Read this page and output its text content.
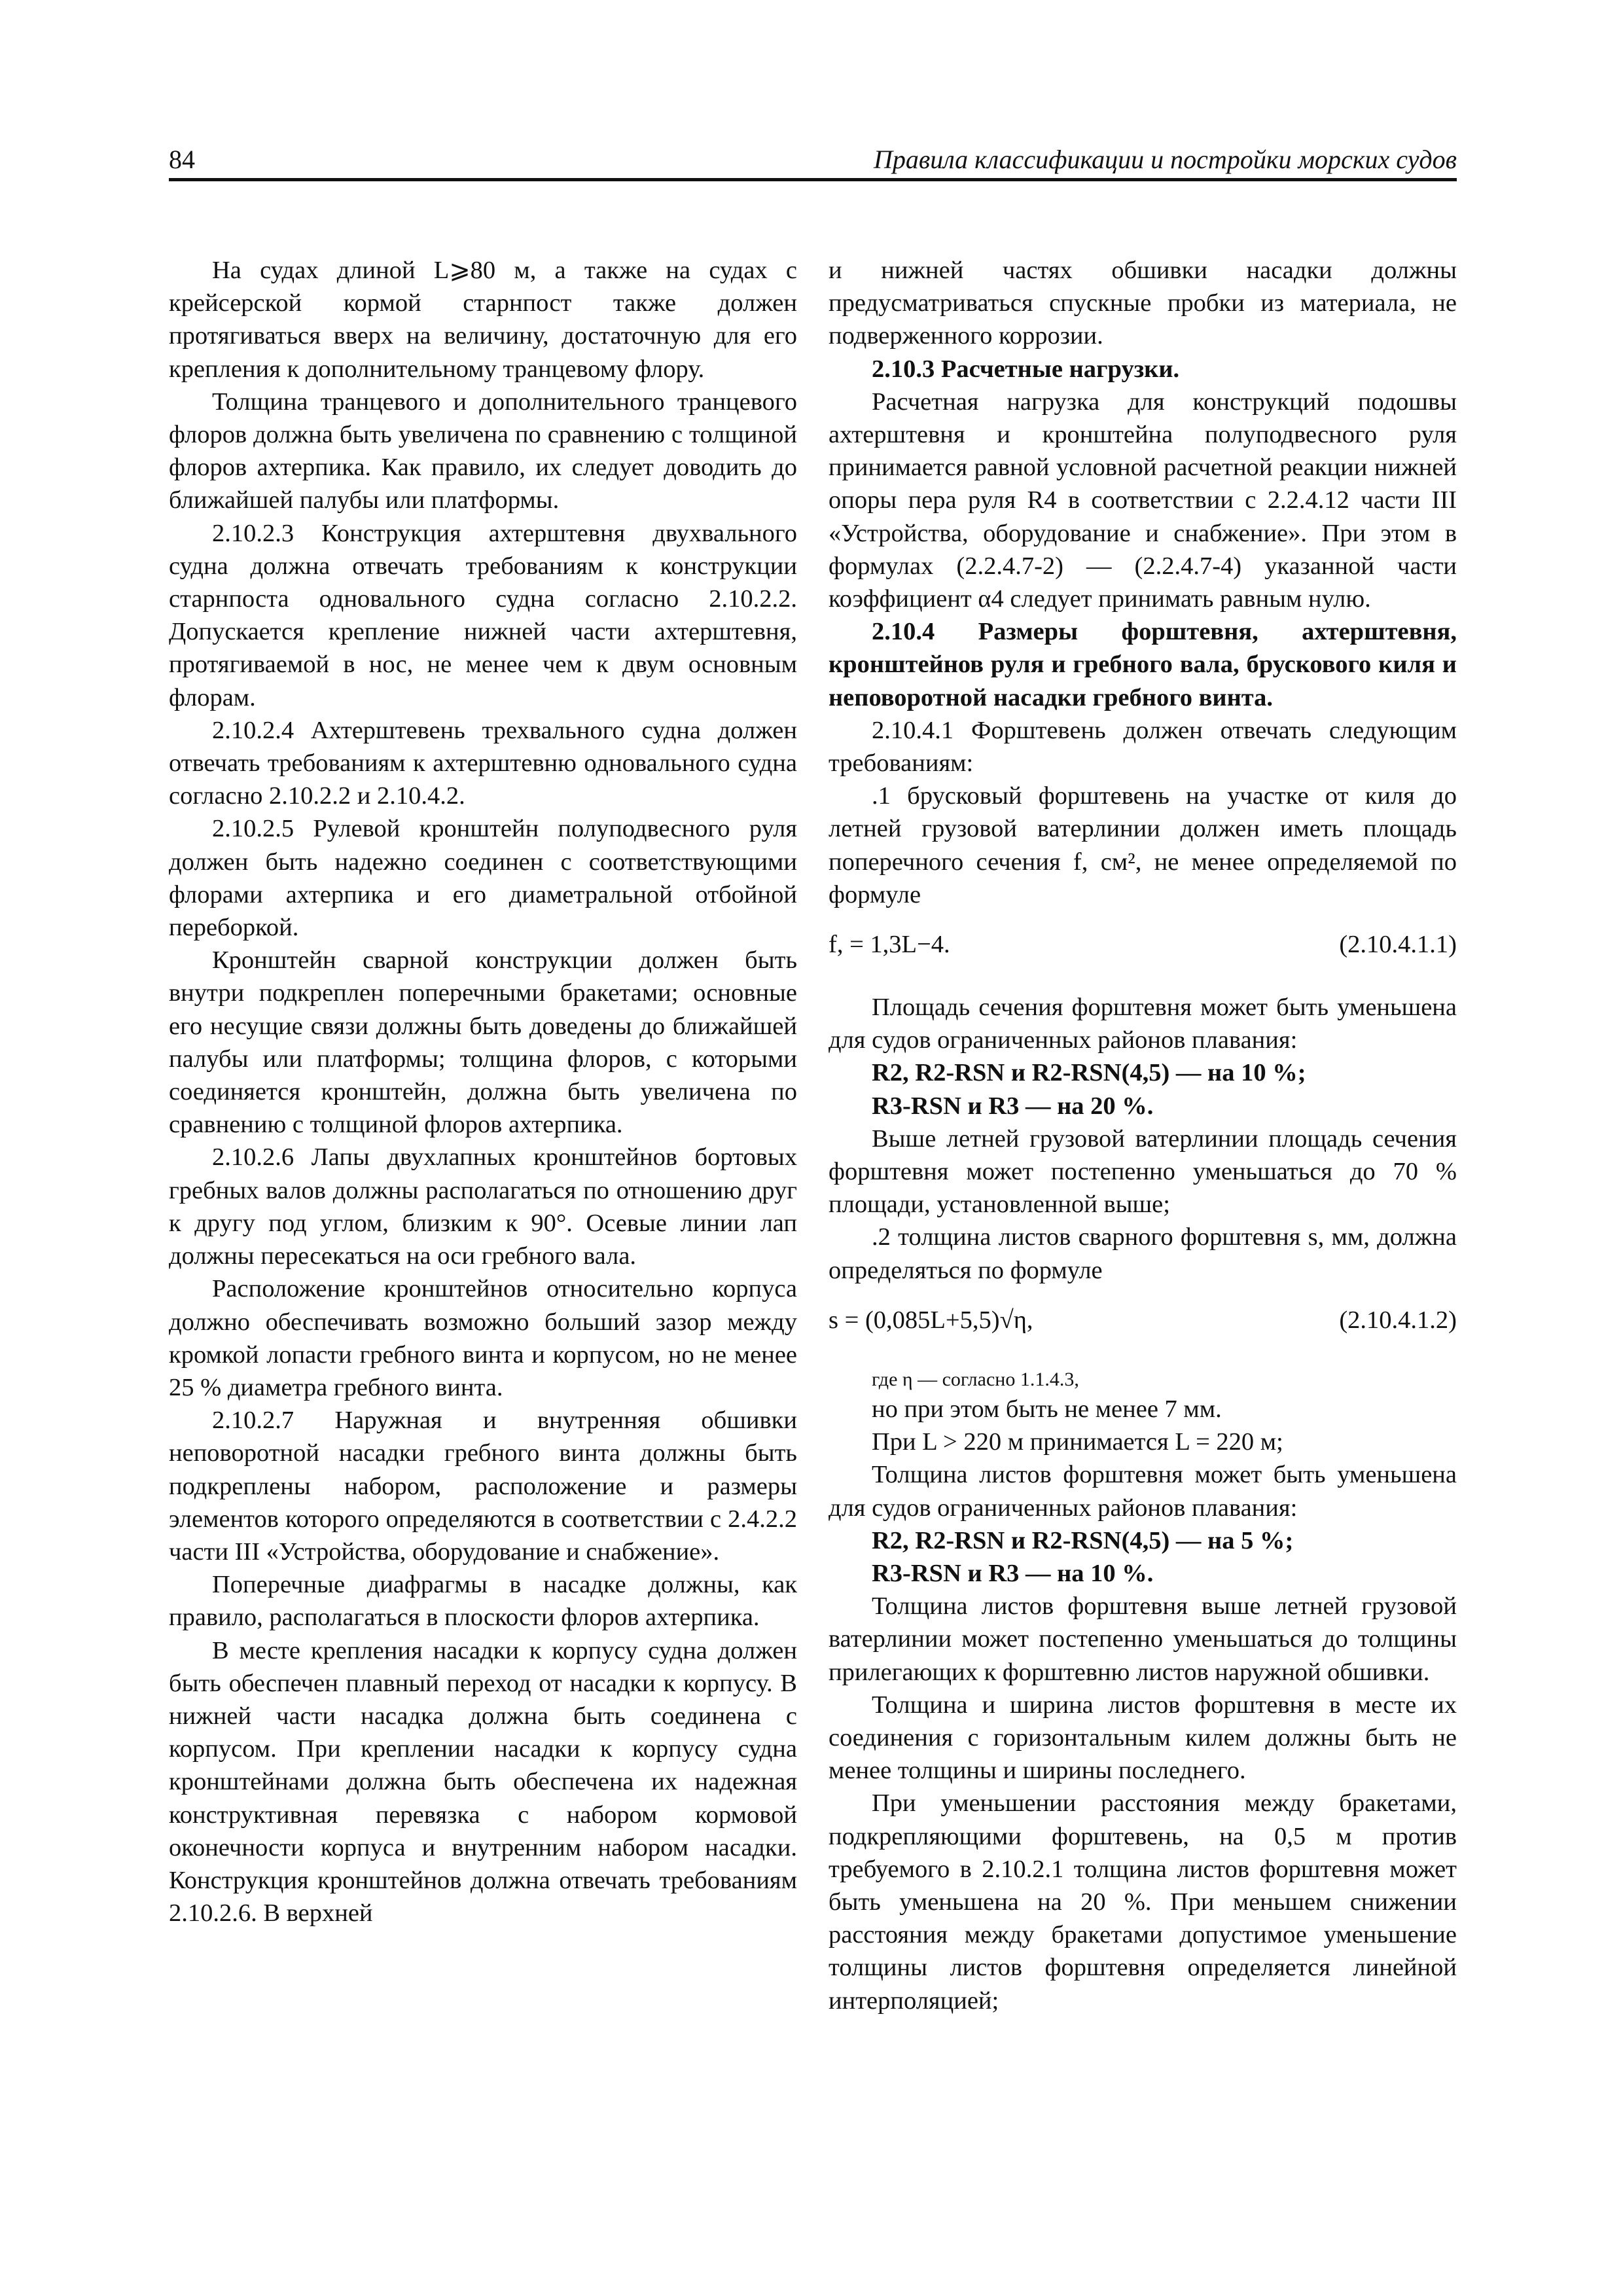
84	Правила классификации и постройки морских судов

На судах длиной L⩾80 м, а также на судах с крейсерской кормой старнпост также должен протягиваться вверх на величину, достаточную для его крепления к дополнительному транцевому флору.

Толщина транцевого и дополнительного транцевого флоров должна быть увеличена по сравнению с толщиной флоров ахтерпика. Как правило, их следует доводить до ближайшей палубы или платформы.

2.10.2.3 Конструкция ахтерштевня двухвального судна должна отвечать требованиям к конструкции старнпоста одновального судна согласно 2.10.2.2. Допускается крепление нижней части ахтерштевня, протягиваемой в нос, не менее чем к двум основным флорам.

2.10.2.4 Ахтерштевень трехвального судна должен отвечать требованиям к ахтерштевню одновального судна согласно 2.10.2.2 и 2.10.4.2.

2.10.2.5 Рулевой кронштейн полуподвесного руля должен быть надежно соединен с соответствующими флорами ахтерпика и его диаметральной отбойной переборкой.

Кронштейн сварной конструкции должен быть внутри подкреплен поперечными бракетами; основные его несущие связи должны быть доведены до ближайшей палубы или платформы; толщина флоров, с которыми соединяется кронштейн, должна быть увеличена по сравнению с толщиной флоров ахтерпика.

2.10.2.6 Лапы двухлапных кронштейнов бортовых гребных валов должны располагаться по отношению друг к другу под углом, близким к 90°. Осевые линии лап должны пересекаться на оси гребного вала.

Расположение кронштейнов относительно корпуса должно обеспечивать возможно больший зазор между кромкой лопасти гребного винта и корпусом, но не менее 25 % диаметра гребного винта.

2.10.2.7 Наружная и внутренняя обшивки неповоротной насадки гребного винта должны быть подкреплены набором, расположение и размеры элементов которого определяются в соответствии с 2.4.2.2 части III «Устройства, оборудование и снабжение».

Поперечные диафрагмы в насадке должны, как правило, располагаться в плоскости флоров ахтерпика.

В месте крепления насадки к корпусу судна должен быть обеспечен плавный переход от насадки к корпусу. В нижней части насадка должна быть соединена с корпусом. При креплении насадки к корпусу судна кронштейнами должна быть обеспечена их надежная конструктивная перевязка с набором кормовой оконечности корпуса и внутренним набором насадки. Конструкция кронштейнов должна отвечать требованиям 2.10.2.6. В верхней

и нижней частях обшивки насадки должны предусматриваться спускные пробки из материала, не подверженного коррозии.

2.10.3 Расчетные нагрузки.

Расчетная нагрузка для конструкций подошвы ахтерштевня и кронштейна полуподвесного руля принимается равной условной расчетной реакции нижней опоры пера руля R4 в соответствии с 2.2.4.12 части III «Устройства, оборудование и снабжение». При этом в формулах (2.2.4.7-2) — (2.2.4.7-4) указанной части коэффициент α4 следует принимать равным нулю.

2.10.4 Размеры форштевня, ахтерштевня, кронштейнов руля и гребного вала, брускового киля и неповоротной насадки гребного винта.

2.10.4.1 Форштевень должен отвечать следующим требованиям:

.1 брусковый форштевень на участке от киля до летней грузовой ватерлинии должен иметь площадь поперечного сечения f, см², не менее определяемой по формуле

f, = 1,3L−4.	(2.10.4.1.1)

Площадь сечения форштевня может быть уменьшена для судов ограниченных районов плавания:

R2, R2-RSN и R2-RSN(4,5) — на 10 %;

R3-RSN и R3 — на 20 %.

Выше летней грузовой ватерлинии площадь сечения форштевня может постепенно уменьшаться до 70 % площади, установленной выше;

.2 толщина листов сварного форштевня s, мм, должна определяться по формуле

s = (0,085L+5,5)√η,	(2.10.4.1.2)

где η — согласно 1.1.4.3,

но при этом быть не менее 7 мм.

При L > 220 м принимается L = 220 м;

Толщина листов форштевня может быть уменьшена для судов ограниченных районов плавания:

R2, R2-RSN и R2-RSN(4,5) — на 5 %;

R3-RSN и R3 — на 10 %.

Толщина листов форштевня выше летней грузовой ватерлинии может постепенно уменьшаться до толщины прилегающих к форштевню листов наружной обшивки.

Толщина и ширина листов форштевня в месте их соединения с горизонтальным килем должны быть не менее толщины и ширины последнего.

При уменьшении расстояния между бракетами, подкрепляющими форштевень, на 0,5 м против требуемого в 2.10.2.1 толщина листов форштевня может быть уменьшена на 20 %. При меньшем снижении расстояния между бракетами допустимое уменьшение толщины листов форштевня определяется линейной интерполяцией;
